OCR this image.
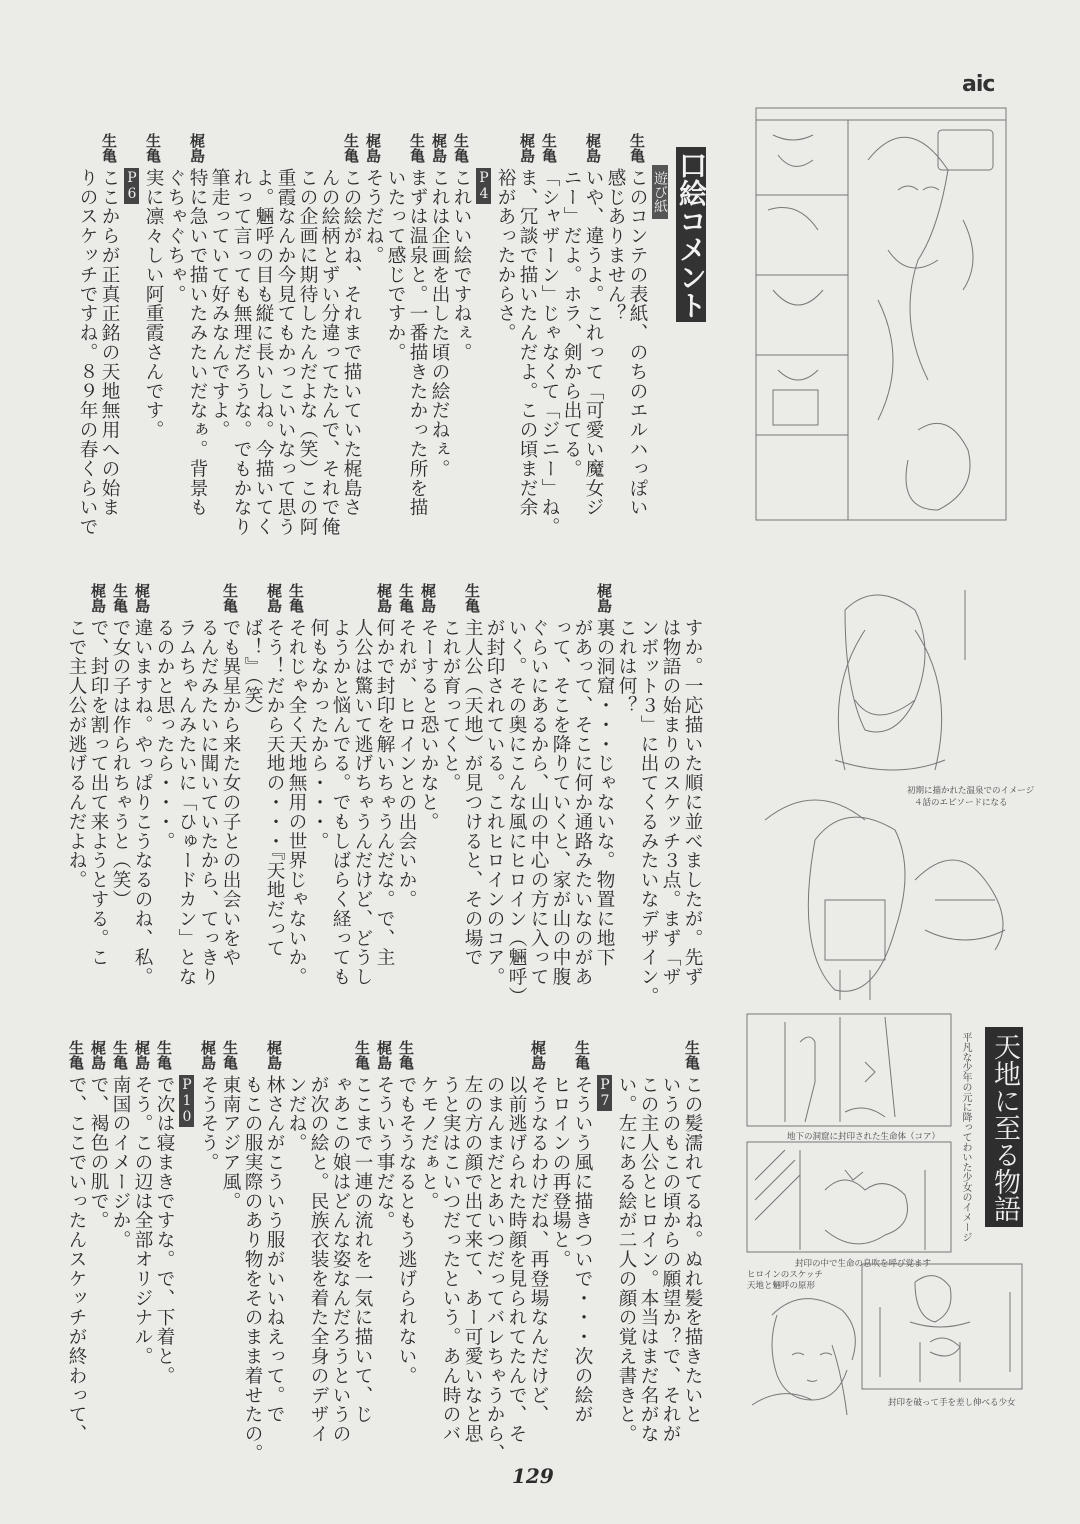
aic
口絵コメント
遊び紙
生亀
このコンテの表紙、のちのエルハっぽい
感じありません？
梶島
いや、違うよ。これって「可愛い魔女ジ
ニー」だよ。ホラ、剣から出てる。
生亀
「シャザーン」じゃなくて「ジニー」ね。
梶島
ま、冗談で描いたんだよ。この頃まだ余
裕があったからさ。
P4
生亀
これいい絵ですねぇ。
梶島
これは企画を出した頃の絵だねぇ。
生亀
まずは温泉と。一番描きたかった所を描
いたって感じですか。
梶島
そうだね。
生亀
この絵がね、それまで描いていた梶島さ
んの絵柄とずい分違ってたんで、それで俺
この企画に期待したんだよな（笑）この阿
重霞なんか今見てもかっこいいなって思う
よ。魎呼の目も縦に長いしね。今描いてく
れって言っても無理だろうな。でもかなり
筆走っていて好みなんですよ。
梶島
特に急いで描いたみたいだなぁ。背景も
ぐちゃぐちゃ。
生亀
実に凛々しい阿重霞さんです。
P6
生亀
ここからが正真正銘の天地無用への始ま
りのスケッチですね。８９年の春くらいで
すか。一応描いた順に並べましたが。先ず
は物語の始まりのスケッチ３点。まず「ザ
ンボット３」に出てくるみたいなデザイン。
これは何？
梶島
裏の洞窟・・・じゃないな。物置に地下
があって、そこに何か通路みたいなのがあ
って、そこを降りていくと、家が山の中腹
ぐらいにあるから、山の中心の方に入って
いく。その奥にこんな風にヒロイン（魎呼）
が封印されている。これヒロインのコア。
生亀
主人公（天地）が見つけると、その場で
これが育ってくと。
梶島
そーすると恐いかなと。
生亀
それが、ヒロインとの出会いか。
梶島
何かで封印を解いちゃうんだな。で、主
人公は驚いて逃げちゃうんだけど、どうし
ようかと悩んでる。でもしばらく経っても
何もなかったから・・・。
生亀
それじゃ全く天地無用の世界じゃないか。
梶島
そう！だから天地の・・・『天地だって
ば！』（笑）
生亀
でも異星から来た女の子との出会いをや
るんだみたいに聞いていたから、てっきり
ラムちゃんみたいに「ひゅードカン」とな
るのかと思ったら・・・。
梶島
違いますね。やっぱりこうなるのね、私。
生亀
で女の子は作られちゃうと（笑）
梶島
で、封印を割って出て来ようとする。こ
こで主人公が逃げるんだよね。
生亀
この髪濡れてるね。ぬれ髪を描きたいと
いうのもこの頃からの願望か？で、それが
この主人公とヒロイン。本当はまだ名がな
い。左にある絵が二人の顔の覚え書きと。
P7
生亀
そういう風に描きついで・・・次の絵が
ヒロインの再登場と。
梶島
そうなるわけだね、再登場なんだけど、
以前逃げられた時顔を見られてたんで、そ
のまんまだとあいつだってバレちゃうから、
左の方の顔で出て来て、あー可愛いなと思
うと実はこいつだったという。あん時のバ
ケモノだぁと。
生亀
でもそうなるともう逃げられない。
梶島
そういう事だな。
生亀
ここまで一連の流れを一気に描いて、じ
ゃあこの娘はどんな姿なんだろうというの
が次の絵と。民族衣装を着た全身のデザイ
ンだね。
梶島
林さんがこういう服がいいねえって。で
もこの服実際のあり物をそのまま着せたの。
生亀
東南アジア風。
梶島
そうそう。
P10
生亀
で次は寝まきですな。で、下着と。
梶島
そう。この辺は全部オリジナル。
生亀
南国のイメージか。
梶島
で、褐色の肌で。
生亀
で、ここでいったんスケッチが終わって、
初期に描かれた温泉でのイメージ
４話のエピソードになる
天地に至る物語
平凡な少年の元に降ってわいた少女のイメージ
地下の洞窟に封印された生命体（コア）
封印の中で生命の息吹を呼び覚ます
ヒロインのスケッチ
天地と魎呼の原形
封印を破って手を差し伸べる少女
129
